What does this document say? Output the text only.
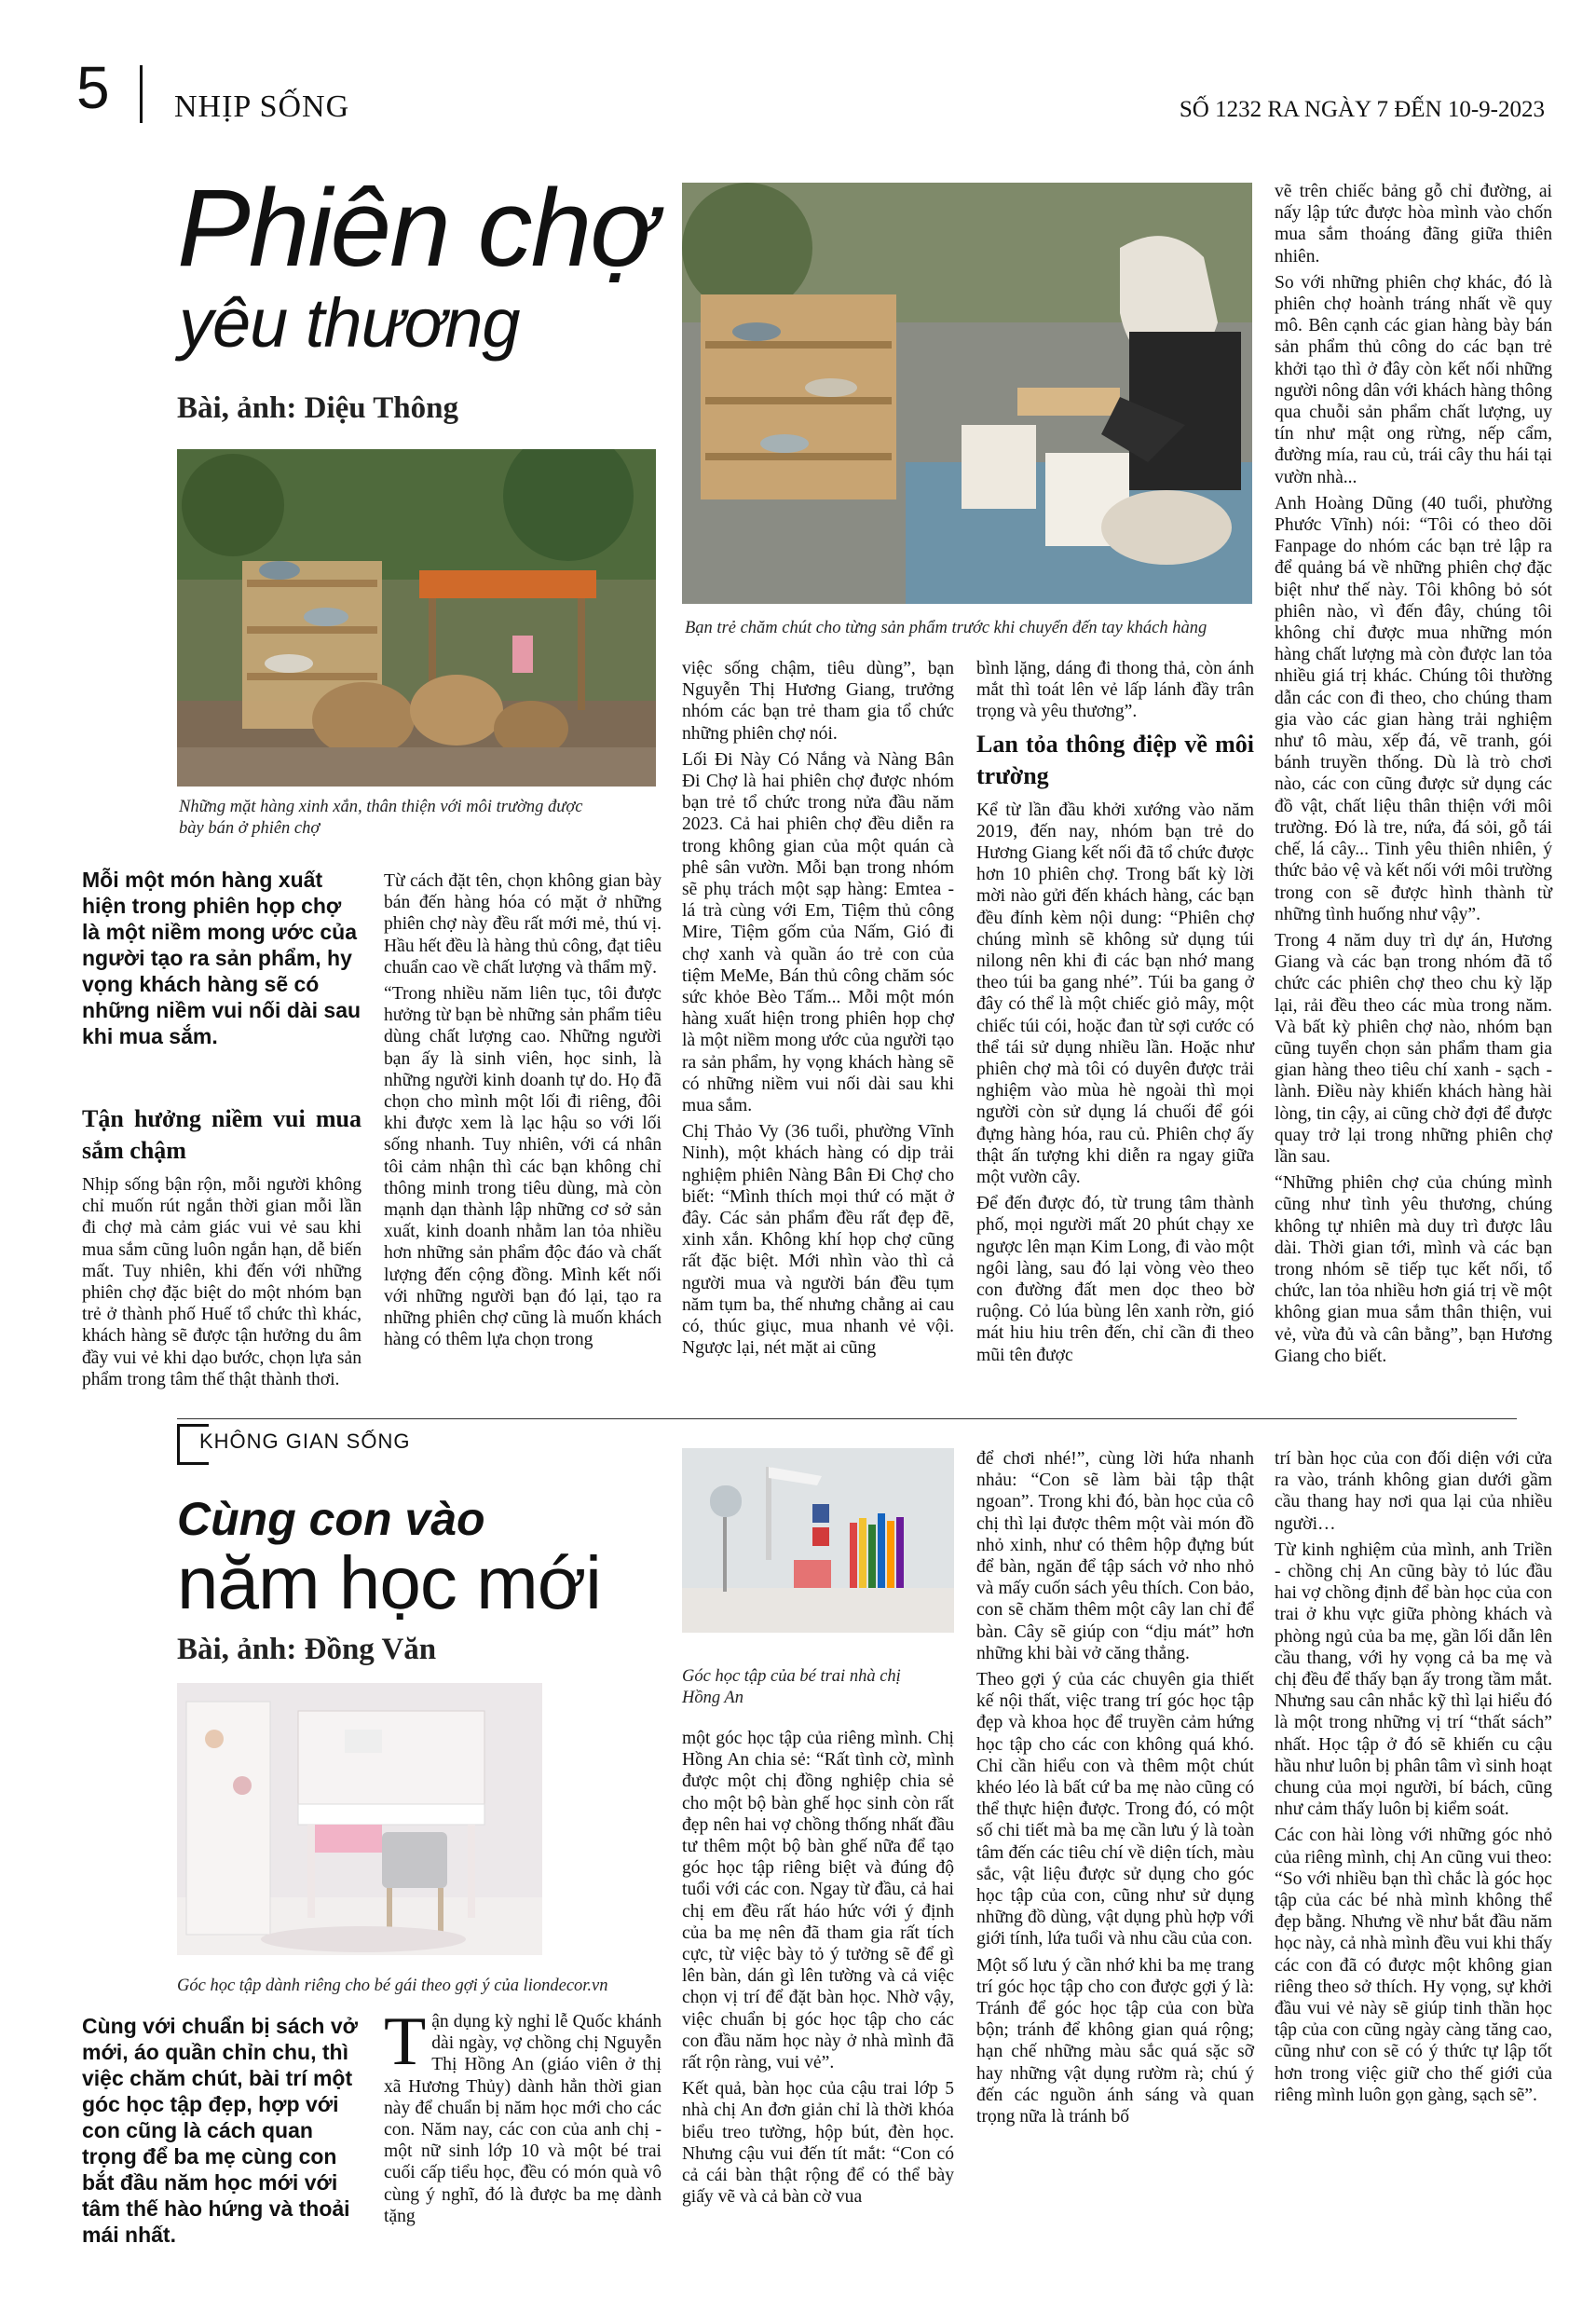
5 NHỊP SỐNG	SỐ 1232 RA NGÀY 7 ĐẾN 10-9-2023
Phiên chợ
yêu thương
Bài, ảnh: Diệu Thông
Những mặt hàng xinh xắn, thân thiện với môi trường được bày bán ở phiên chợ
Bạn trẻ chăm chút cho từng sản phẩm trước khi chuyển đến tay khách hàng
Mỗi một món hàng xuất hiện trong phiên họp chợ là một niềm mong ước của người tạo ra sản phẩm, hy vọng khách hàng sẽ có những niềm vui nối dài sau khi mua sắm.
Tận hưởng niềm vui mua sắm chậm

Nhịp sống bận rộn, mỗi người không chỉ muốn rút ngắn thời gian mỗi lần đi chợ mà cảm giác vui vẻ sau khi mua sắm cũng luôn ngắn hạn, dễ biến mất. Tuy nhiên, khi đến với những phiên chợ đặc biệt do một nhóm bạn trẻ ở thành phố Huế tổ chức thì khác, khách hàng sẽ được tận hưởng du âm đầy vui vẻ khi dạo bước, chọn lựa sản phẩm trong tâm thế thật thành thơi.

Từ cách đặt tên, chọn không gian bày bán đến hàng hóa có mặt ở những phiên chợ này đều rất mới mẻ, thú vị. Hầu hết đều là hàng thủ công, đạt tiêu chuẩn cao về chất lượng và thẩm mỹ.

“Trong nhiều năm liên tục, tôi được hưởng từ bạn bè những sản phẩm tiêu dùng chất lượng cao. Những người bạn ấy là sinh viên, học sinh, là những người kinh doanh tự do. Họ đã chọn cho mình một lối đi riêng, đôi khi được xem là lạc hậu so với lối sống nhanh. Tuy nhiên, với cá nhân tôi cảm nhận thì các bạn không chỉ thông minh trong tiêu dùng, mà còn mạnh dạn thành lập những cơ sở sản xuất, kinh doanh nhằm lan tỏa nhiều hơn những sản phẩm độc đáo và chất lượng đến cộng đồng. Mình kết nối với những người bạn đó lại, tạo ra những phiên chợ cũng là muốn khách hàng có thêm lựa chọn trong

việc sống chậm, tiêu dùng”, bạn Nguyễn Thị Hương Giang, trưởng nhóm các bạn trẻ tham gia tổ chức những phiên chợ nói.

Lối Đi Này Có Nắng và Nàng Bân Đi Chợ là hai phiên chợ được nhóm bạn trẻ tổ chức trong nửa đầu năm 2023. Cả hai phiên chợ đều diễn ra trong không gian của một quán cà phê sân vườn. Mỗi bạn trong nhóm sẽ phụ trách một sạp hàng: Emtea - lá trà cùng với Em, Tiệm thủ công Mire, Tiệm gốm của Nấm, Gió đi chợ xanh và quần áo trẻ con của tiệm MeMe, Bán thủ công chăm sóc sức khỏe Bèo Tấm... Mỗi một món hàng xuất hiện trong phiên họp chợ là một niềm mong ước của người tạo ra sản phẩm, hy vọng khách hàng sẽ có những niềm vui nối dài sau khi mua sắm.

Chị Thảo Vy (36 tuổi, phường Vĩnh Ninh), một khách hàng có dịp trải nghiệm phiên Nàng Bân Đi Chợ cho biết: “Mình thích mọi thứ có mặt ở đây. Các sản phẩm đều rất đẹp đẽ, xinh xắn. Không khí họp chợ cũng rất đặc biệt. Mới nhìn vào thì cả người mua và người bán đều tụm năm tụm ba, thế nhưng chẳng ai cau có, thúc giục, mua nhanh vẻ vội. Ngược lại, nét mặt ai cũng

bình lặng, dáng đi thong thả, còn ánh mắt thì toát lên vẻ lấp lánh đầy trân trọng và yêu thương”.

Lan tỏa thông điệp về môi trường

Kể từ lần đầu khởi xướng vào năm 2019, đến nay, nhóm bạn trẻ do Hương Giang kết nối đã tổ chức được hơn 10 phiên chợ. Trong bất kỳ lời mời nào gửi đến khách hàng, các bạn đều đính kèm nội dung: “Phiên chợ chúng mình sẽ không sử dụng túi nilong nên khi đi các bạn nhớ mang theo túi ba gang nhé”. Túi ba gang ở đây có thể là một chiếc giỏ mây, một chiếc túi cói, hoặc đan từ sợi cước có thể tái sử dụng nhiều lần. Hoặc như phiên chợ mà tôi có duyên được trải nghiệm vào mùa hè ngoài thì mọi người còn sử dụng lá chuối để gói đựng hàng hóa, rau củ. Phiên chợ ấy thật ấn tượng khi diễn ra ngay giữa một vườn cây.

Để đến được đó, từ trung tâm thành phố, mọi người mất 20 phút chạy xe ngược lên mạn Kim Long, đi vào một ngôi làng, sau đó lại vòng vèo theo con đường đất men dọc theo bờ ruộng. Cỏ lúa bùng lên xanh rờn, gió mát hiu hiu trên đến, chỉ cần đi theo mũi tên được

vẽ trên chiếc bảng gỗ chỉ đường, ai nấy lập tức được hòa mình vào chốn mua sắm thoáng đãng giữa thiên nhiên.

So với những phiên chợ khác, đó là phiên chợ hoành tráng nhất về quy mô. Bên cạnh các gian hàng bày bán sản phẩm thủ công do các bạn trẻ khởi tạo thì ở đây còn kết nối những người nông dân với khách hàng thông qua chuỗi sản phẩm chất lượng, uy tín như mật ong rừng, nếp cẩm, đường mía, rau củ, trái cây thu hái tại vườn nhà...

Anh Hoàng Dũng (40 tuổi, phường Phước Vĩnh) nói: “Tôi có theo dõi Fanpage do nhóm các bạn trẻ lập ra để quảng bá về những phiên chợ đặc biệt như thế này. Tôi không bỏ sót phiên nào, vì đến đây, chúng tôi không chỉ được mua những món hàng chất lượng mà còn được lan tỏa nhiều giá trị khác. Chúng tôi thường dẫn các con đi theo, cho chúng tham gia vào các gian hàng trải nghiệm như tô màu, xếp đá, vẽ tranh, gói bánh truyền thống. Dù là trò chơi nào, các con cũng được sử dụng các đồ vật, chất liệu thân thiện với môi trường. Đó là tre, nứa, đá sỏi, gỗ tái chế, lá cây... Tinh yêu thiên nhiên, ý thức bảo vệ và kết nối với môi trường trong con sẽ được hình thành từ những tình huống như vậy”.

Trong 4 năm duy trì dự án, Hương Giang và các bạn trong nhóm đã tổ chức các phiên chợ theo chu kỳ lặp lại, rải đều theo các mùa trong năm. Và bất kỳ phiên chợ nào, nhóm bạn cũng tuyển chọn sản phẩm tham gia gian hàng theo tiêu chí xanh - sạch - lành. Điều này khiến khách hàng hài lòng, tin cậy, ai cũng chờ đợi để được quay trở lại trong những phiên chợ lần sau.

“Những phiên chợ của chúng mình cũng như tình yêu thương, chúng không tự nhiên mà duy trì được lâu dài. Thời gian tới, mình và các bạn trong nhóm sẽ tiếp tục kết nối, tổ chức, lan tỏa nhiều hơn giá trị về một không gian mua sắm thân thiện, vui vẻ, vừa đủ và cân bằng”, bạn Hương Giang cho biết.

KHÔNG GIAN SỐNG
Cùng con vào
năm học mới
Bài, ảnh: Đồng Văn
Góc học tập dành riêng cho bé gái theo gợi ý của liondecor.vn
Góc học tập của bé trai nhà chị Hồng An
Cùng với chuẩn bị sách vở mới, áo quần chỉn chu, thì việc chăm chút, bài trí một góc học tập đẹp, hợp với con cũng là cách quan trọng để ba mẹ cùng con bắt đầu năm học mới với tâm thế hào hứng và thoải mái nhất.

Tận dụng kỳ nghỉ lễ Quốc khánh dài ngày, vợ chồng chị Nguyễn Thị Hồng An (giáo viên ở thị xã Hương Thủy) dành hẳn thời gian này để chuẩn bị năm học mới cho các con. Năm nay, các con của anh chị - một nữ sinh lớp 10 và một bé trai cuối cấp tiểu học, đều có món quà vô cùng ý nghĩ, đó là được ba mẹ dành tặng

một góc học tập của riêng mình. Chị Hồng An chia sẻ: “Rất tình cờ, mình được một chị đồng nghiệp chia sẻ cho một bộ bàn ghế học sinh còn rất đẹp nên hai vợ chồng thống nhất đầu tư thêm một bộ bàn ghế nữa để tạo góc học tập riêng biệt và đúng độ tuổi với các con. Ngay từ đầu, cả hai chị em đều rất háo hức với ý định của ba mẹ nên đã tham gia rất tích cực, từ việc bày tỏ ý tưởng sẽ để gì lên bàn, dán gì lên tường và cả việc chọn vị trí để đặt bàn học. Nhờ vậy, việc chuẩn bị góc học tập cho các con đầu năm học này ở nhà mình đã rất rộn ràng, vui vẻ”.

Kết quả, bàn học của cậu trai lớp 5 nhà chị An đơn giản chỉ là thời khóa biểu treo tường, hộp bút, đèn học. Nhưng cậu vui đến tít mắt: “Con có cả cái bàn thật rộng để có thể bày giấy vẽ và cả bàn cờ vua

để chơi nhé!”, cùng lời hứa nhanh nhảu: “Con sẽ làm bài tập thật ngoan”. Trong khi đó, bàn học của cô chị thì lại được thêm một vài món đồ nhỏ xinh, như có thêm hộp đựng bút để bàn, ngăn để tập sách vở nho nhỏ và mấy cuốn sách yêu thích. Con bảo, con sẽ chăm thêm một cây lan chỉ để bàn. Cây sẽ giúp con “dịu mát” hơn những khi bài vở căng thẳng.

Theo gợi ý của các chuyên gia thiết kế nội thất, việc trang trí góc học tập đẹp và khoa học để truyền cảm hứng học tập cho các con không quá khó. Chỉ cần hiểu con và thêm một chút khéo léo là bất cứ ba mẹ nào cũng có thể thực hiện được. Trong đó, có một số chi tiết mà ba mẹ cần lưu ý là toàn tâm đến các tiêu chí về diện tích, màu sắc, vật liệu được sử dụng cho góc học tập của con, cũng như sử dụng những đồ dùng, vật dụng phù hợp với giới tính, lứa tuổi và nhu cầu của con.

Một số lưu ý cần nhớ khi ba mẹ trang trí góc học tập cho con được gợi ý là: Tránh để góc học tập của con bừa bộn; tránh để không gian quá rộng; hạn chế những màu sắc quá sặc sỡ hay những vật dụng rườm rà; chú ý đến các nguồn ánh sáng và quan trọng nữa là tránh bố

trí bàn học của con đối diện với cửa ra vào, tránh không gian dưới gầm cầu thang hay nơi qua lại của nhiều người…

Từ kinh nghiệm của mình, anh Triền - chồng chị An cũng bày tỏ lúc đầu hai vợ chồng định để bàn học của con trai ở khu vực giữa phòng khách và phòng ngủ của ba mẹ, gần lối dẫn lên cầu thang, với hy vọng cả ba mẹ và chị đều để thấy bạn ấy trong tầm mắt. Nhưng sau cân nhắc kỹ thì lại hiểu đó là một trong những vị trí “thất sách” nhất. Học tập ở đó sẽ khiến cu cậu hầu như luôn bị phân tâm vì sinh hoạt chung của mọi người, bí bách, cũng như cảm thấy luôn bị kiểm soát.

Các con hài lòng với những góc nhỏ của riêng mình, chị An cũng vui theo: “So với nhiều bạn thì chắc là góc học tập của các bé nhà mình không thể đẹp bằng. Nhưng về như bắt đầu năm học này, cả nhà mình đều vui khi thấy các con đã có được một không gian riêng theo sở thích. Hy vọng, sự khởi đầu vui vẻ này sẽ giúp tinh thần học tập của con cũng ngày càng tăng cao, cũng như con sẽ có ý thức tự lập tốt hơn trong việc giữ cho thế giới của riêng mình luôn gọn gàng, sạch sẽ”.
